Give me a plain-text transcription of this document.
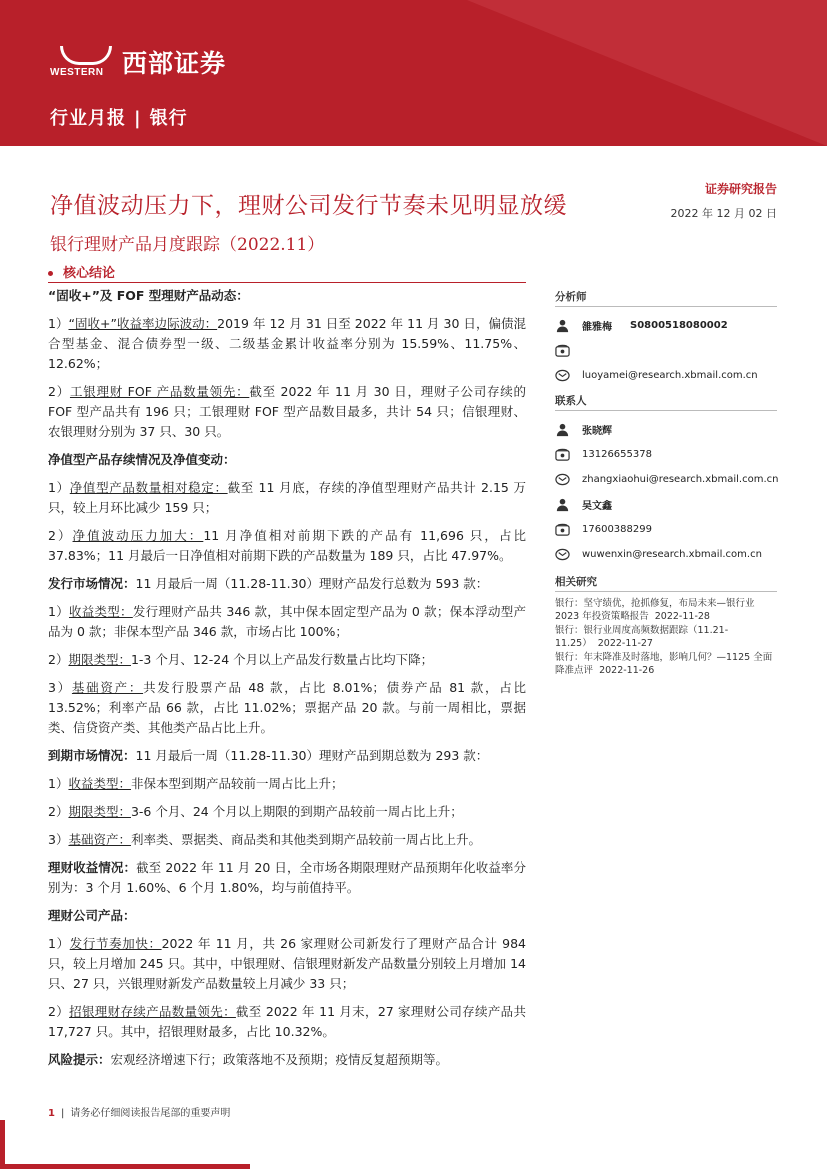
WESTERN 西部证券
行业月报 | 银行
证券研究报告
2022 年 12 月 02 日
净值波动压力下，理财公司发行节奏未见明显放缓
银行理财产品月度跟踪（2022.11）
核心结论

“固收+”及 FOF 型理财产品动态：

1）“固收+”收益率边际波动：2019 年 12 月 31 日至 2022 年 11 月 30 日，偏债混合型基金、混合债券型一级、二级基金累计收益率分别为 15.59%、11.75%、12.62%；

2）工银理财 FOF 产品数量领先：截至 2022 年 11 月 30 日，理财子公司存续的 FOF 型产品共有 196 只；工银理财 FOF 型产品数目最多，共计 54 只；信银理财、农银理财分别为 37 只、30 只。

净值型产品存续情况及净值变动：

1）净值型产品数量相对稳定：截至 11 月底，存续的净值型理财产品共计 2.15 万只，较上月环比减少 159 只；

2）净值波动压力加大：11 月净值相对前期下跌的产品有 11,696 只，占比 37.83%；11 月最后一日净值相对前期下跌的产品数量为 189 只，占比 47.97%。

发行市场情况：11 月最后一周（11.28-11.30）理财产品发行总数为 593 款：

1）收益类型：发行理财产品共 346 款，其中保本固定型产品为 0 款；保本浮动型产品为 0 款；非保本型产品 346 款，市场占比 100%；

2）期限类型：1-3 个月、12-24 个月以上产品发行数量占比均下降；

3）基础资产：共发行股票产品 48 款，占比 8.01%；债券产品 81 款，占比 13.52%；利率产品 66 款，占比 11.02%；票据产品 20 款。与前一周相比，票据类、信贷资产类、其他类产品占比上升。

到期市场情况：11 月最后一周（11.28-11.30）理财产品到期总数为 293 款：

1）收益类型：非保本型到期产品较前一周占比上升；

2）期限类型：3-6 个月、24 个月以上期限的到期产品较前一周占比上升；

3）基础资产：利率类、票据类、商品类和其他类到期产品较前一周占比上升。

理财收益情况：截至 2022 年 11 月 20 日，全市场各期限理财产品预期年化收益率分别为：3 个月 1.60%、6 个月 1.80%，均与前值持平。

理财公司产品：

1）发行节奏加快：2022 年 11 月，共 26 家理财公司新发行了理财产品合计 984 只，较上月增加 245 只。其中，中银理财、信银理财新发产品数量分别较上月增加 14 只、27 只，兴银理财新发产品数量较上月减少 33 只；

2）招银理财存续产品数量领先：截至 2022 年 11 月末，27 家理财公司存续产品共 17,727 只。其中，招银理财最多，占比 10.32%。

风险提示：宏观经济增速下行；政策落地不及预期；疫情反复超预期等。

分析师
雒雅梅 S0800518080002
luoyamei@research.xbmail.com.cn
联系人
张晓辉
13126655378
zhangxiaohui@research.xbmail.com.cn
吴文鑫
17600388299
wuwenxin@research.xbmail.com.cn
相关研究

银行：坚守绩优，抢抓修复，布局未来—银行业 2023 年投资策略报告 2022-11-28

银行：银行业周度高频数据跟踪（11.21-11.25） 2022-11-27

银行：年末降准及时落地，影响几何？—1125 全面降准点评 2022-11-26

1 | 请务必仔细阅读报告尾部的重要声明
